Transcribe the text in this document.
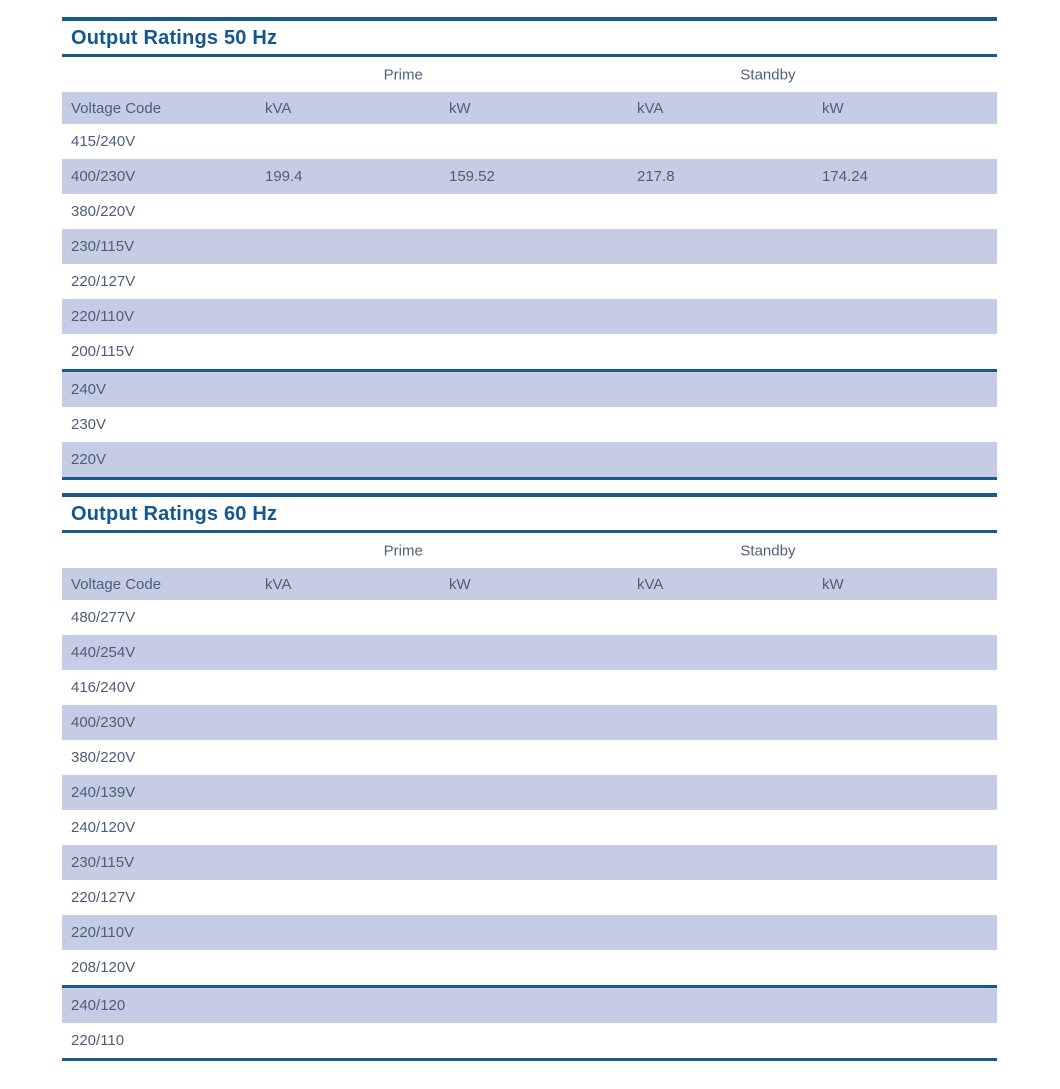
Output Ratings 50 Hz
Prime	Standby
Voltage Code	kVA	kW	kVA	kW
415/240V
400/230V	199.4	159.52	217.8	174.24
380/220V
230/115V
220/127V
220/110V
200/115V
240V
230V
220V
Output Ratings 60 Hz
Prime	Standby
Voltage Code	kVA	kW	kVA	kW
480/277V
440/254V
416/240V
400/230V
380/220V
240/139V
240/120V
230/115V
220/127V
220/110V
208/120V
240/120
220/110
